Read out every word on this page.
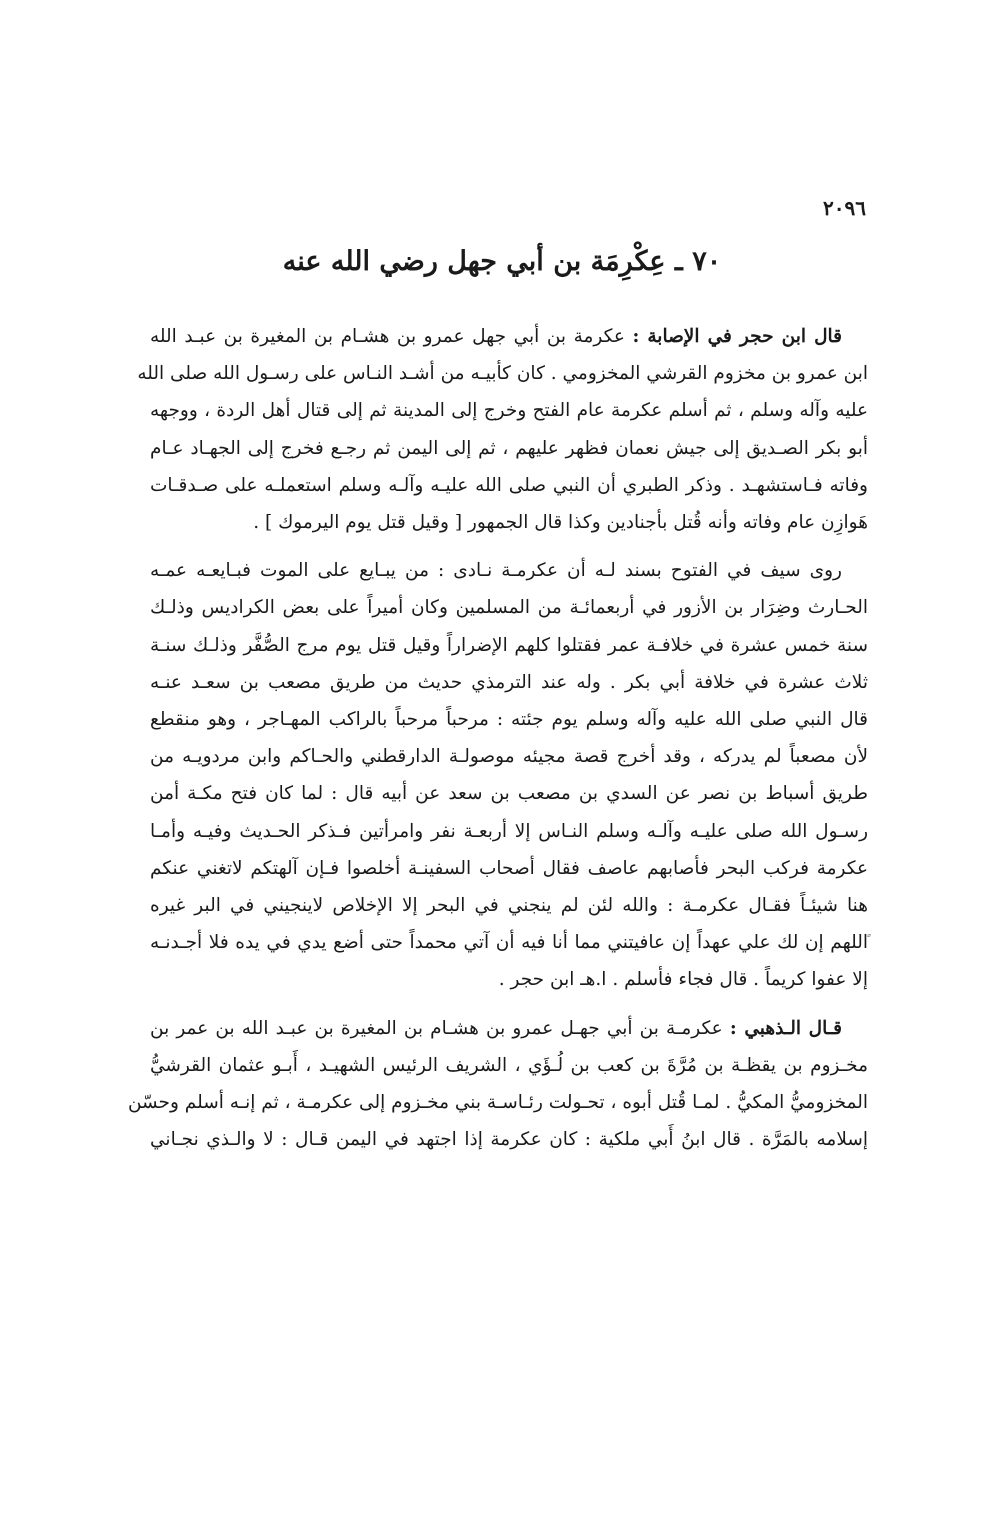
٢٠٩٦
٧٠ ـ عِكْرِمَة بن أبي جهل رضي الله عنه
قال ابن حجر في الإصابة : عكرمة بن أبي جهل عمرو بن هشـام بن المغيرة بن عبـد الله
ابن عمرو بن مخزوم القرشي المخزومي . كان كأبيـه من أشـد النـاس على رسـول الله صلى الله
عليه وآله وسلم ، ثم أسلم عكرمة عام الفتح وخرج إلى المدينة ثم إلى قتال أهل الردة ، ووجهه
أبو بكر الصـديق إلى جيش نعمان فظهر عليهم ، ثم إلى اليمن ثم رجـع فخرج إلى الجهـاد عـام
وفاته فـاستشهـد . وذكر الطبري أن النبي صلى الله عليـه وآلـه وسلم استعملـه على صـدقـات
هَوازِن عام وفاته وأنه قُتل بأجنادين وكذا قال الجمهور [ وقيل قتل يوم اليرموك ] .
روى سيف في الفتوح بسند لـه أن عكرمـة نـادى : من يبـايع على الموت فبـايعـه عمـه
الحـارث وضِرَار بن الأزور في أربعمائـة من المسلمين وكان أميراً على بعض الكراديس وذلـك
سنة خمس عشرة في خلافـة عمر فقتلوا كلهم الإضراراً وقيل قتل يوم مرج الصُّفَّر وذلـك سنـة
ثلاث عشرة في خلافة أبي بكر . وله عند الترمذي حديث من طريق مصعب بن سعـد عنـه
قال النبي صلى الله عليه وآله وسلم يوم جئته : مرحباً مرحباً بالراكب المهـاجر ، وهو منقطع
لأن مصعباً لم يدركه ، وقد أخرج قصة مجيئه موصولـة الدارقطني والحـاكم وابن مردويـه من
طريق أسباط بن نصر عن السدي بن مصعب بن سعد عن أبيه قال : لما كان فتح مكـة أمن
رسـول الله صلى عليـه وآلـه وسلم النـاس إلا أربعـة نفر وامرأتين فـذكر الحـديث وفيـه وأمـا
عكرمة فركب البحر فأصابهم عاصف فقال أصحاب السفينـة أخلصوا فـإن آلهتكم لاتغني عنكم
هنا شيئـاً فقـال عكرمـة : والله لئن لم ينجني في البحر إلا الإخلاص لاينجيني في البر غيره
اللهم إن لك علي عهداً إن عافيتني مما أنا فيه أن آتي محمداً حتى أضع يدي في يده فلا أجـدنـه
إلا عفوا كريماً . قال فجاء فأسلم . ا.هـ ابن حجر .
قـال الـذهبي : عكرمـة بن أبي جهـل عمرو بن هشـام بن المغيرة بن عبـد الله بن عمر بن
مخـزوم بن يقظـة بن مُرَّةَ بن كعب بن لُـؤَي ، الشريف الرئيس الشهيـد ، أَبـو عثمان القرشيُّ
المخزوميُّ المكيُّ . لمـا قُتل أبوه ، تحـولت رئـاسـة بني مخـزوم إلى عكرمـة ، ثم إنـه أسلم وحسّن
إسلامه بالمَرَّة . قال ابنُ أَبي ملكية : كان عكرمة إذا اجتهد في اليمن قـال : لا والـذي نجـاني
